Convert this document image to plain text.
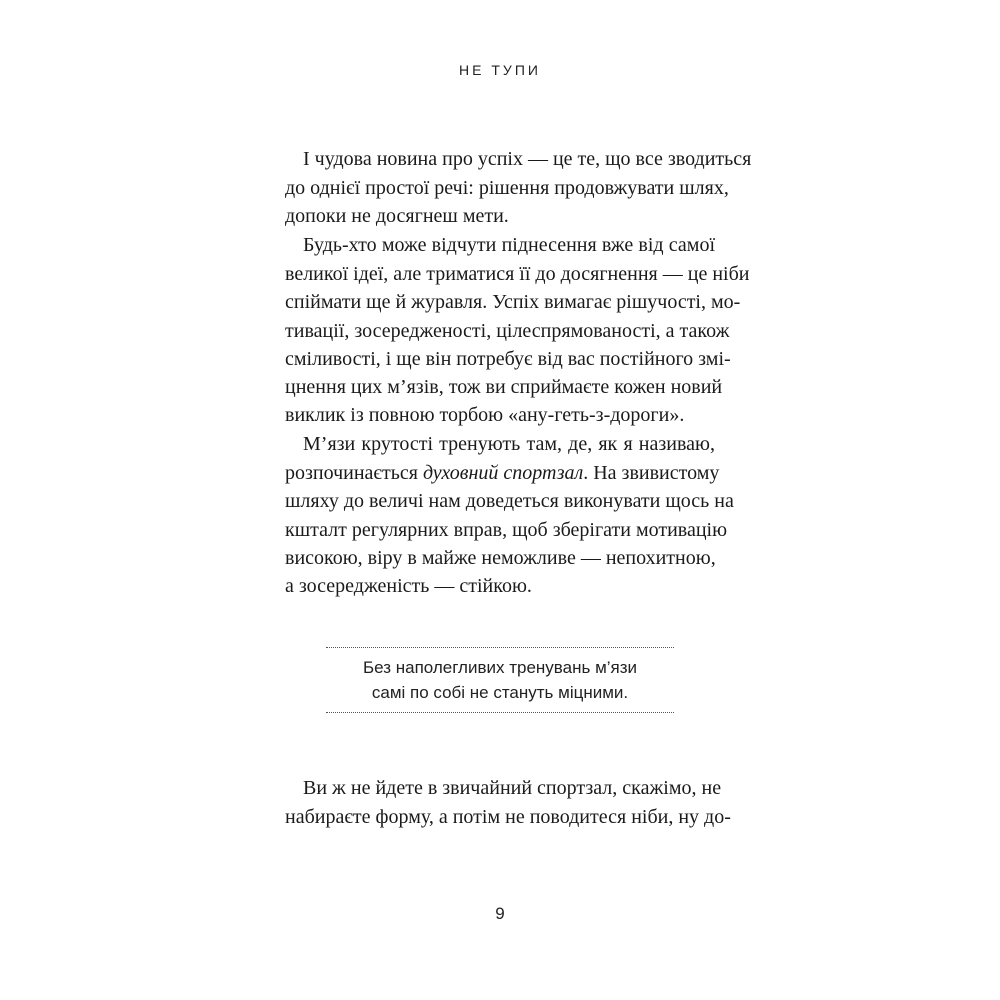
НЕ ТУПИ
І чудова новина про успіх — це те, що все зводиться
до однієї простої речі: рішення продовжувати шлях,
допоки не досягнеш мети.
Будь-хто може відчути піднесення вже від самої
великої ідеї, але триматися її до досягнення — це ніби
спіймати ще й журавля. Успіх вимагає рішучості, мо-
тивації, зосередженості, цілеспрямованості, а також
сміливості, і ще він потребує від вас постійного змі-
цнення цих м’язів, тож ви сприймаєте кожен новий
виклик із повною торбою «ану-геть-з-дороги».
М’язи крутості тренують там, де, як я називаю,
розпочинається духовний спортзал. На звивистому
шляху до величі нам доведеться виконувати щось на
кшталт регулярних вправ, щоб зберігати мотивацію
високою, віру в майже неможливе — непохитною,
а зосередженість — стійкою.
Без наполегливих тренувань м’язи
самі по собі не стануть міцними.
Ви ж не йдете в звичайний спортзал, скажімо, не
набираєте форму, а потім не поводитеся ніби, ну до-
9
